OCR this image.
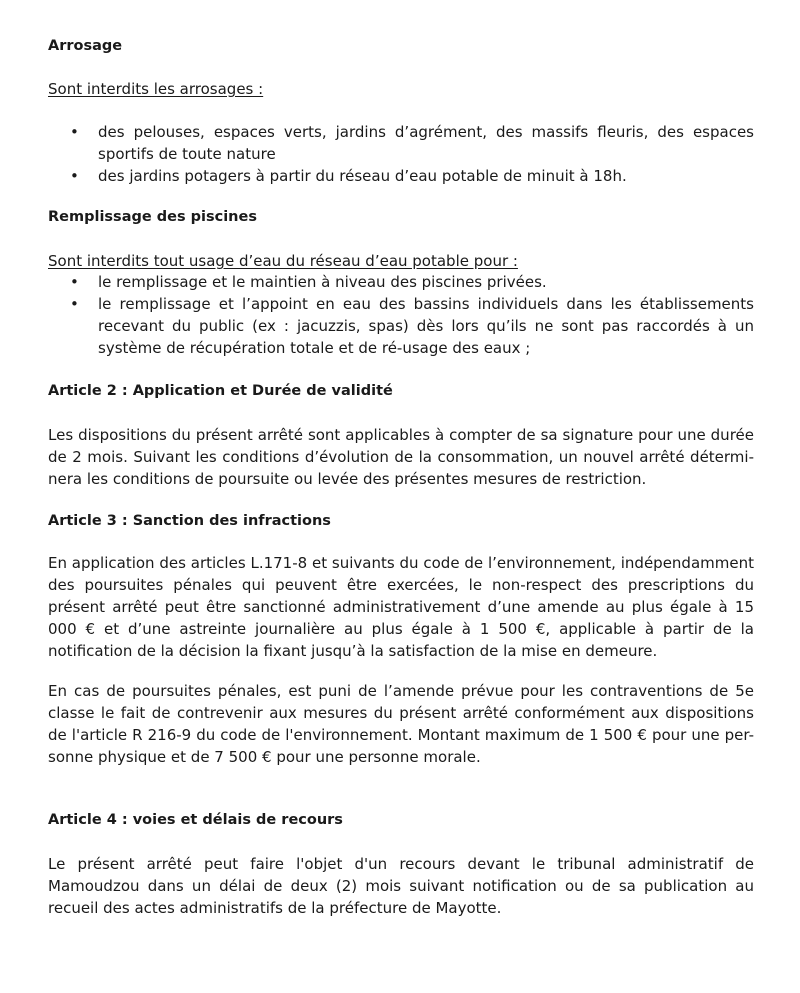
Arrosage
Sont interdits les arrosages :
• des pelouses, espaces verts, jardins d’agrément, des massifs fleuris, des espaces sportifs de toute nature
• des jardins potagers à partir du réseau d’eau potable de minuit à 18h.
Remplissage des piscines
Sont interdits tout usage d’eau du réseau d’eau potable pour :
• le remplissage et le maintien à niveau des piscines privées.
• le remplissage et l’appoint en eau des bassins individuels dans les établissements recevant du public (ex : jacuzzis, spas) dès lors qu’ils ne sont pas raccordés à un système de récupération totale et de ré-usage des eaux ;
Article 2 : Application et Durée de validité

Les dispositions du présent arrêté sont applicables à compter de sa signature pour une durée de 2 mois. Suivant les conditions d’évolution de la consommation, un nouvel arrêté détermi-nera les conditions de poursuite ou levée des présentes mesures de restriction.

Article 3 : Sanction des infractions

En application des articles L.171-8 et suivants du code de l’environnement, indépendamment des poursuites pénales qui peuvent être exercées, le non-respect des prescriptions du présent arrêté peut être sanctionné administrativement d’une amende au plus égale à 15 000 € et d’une astreinte journalière au plus égale à 1 500 €, applicable à partir de la notification de la décision la fixant jusqu’à la satisfaction de la mise en demeure.

En cas de poursuites pénales, est puni de l’amende prévue pour les contraventions de 5e classe le fait de contrevenir aux mesures du présent arrêté conformément aux dispositions de l'article R 216-9 du code de l'environnement. Montant maximum de 1 500 € pour une per-sonne physique et de 7 500 € pour une personne morale.

Article 4 : voies et délais de recours

Le présent arrêté peut faire l'objet d'un recours devant le tribunal administratif de Mamoudzou dans un délai de deux (2) mois suivant notification ou de sa publication au recueil des actes administratifs de la préfecture de Mayotte.
